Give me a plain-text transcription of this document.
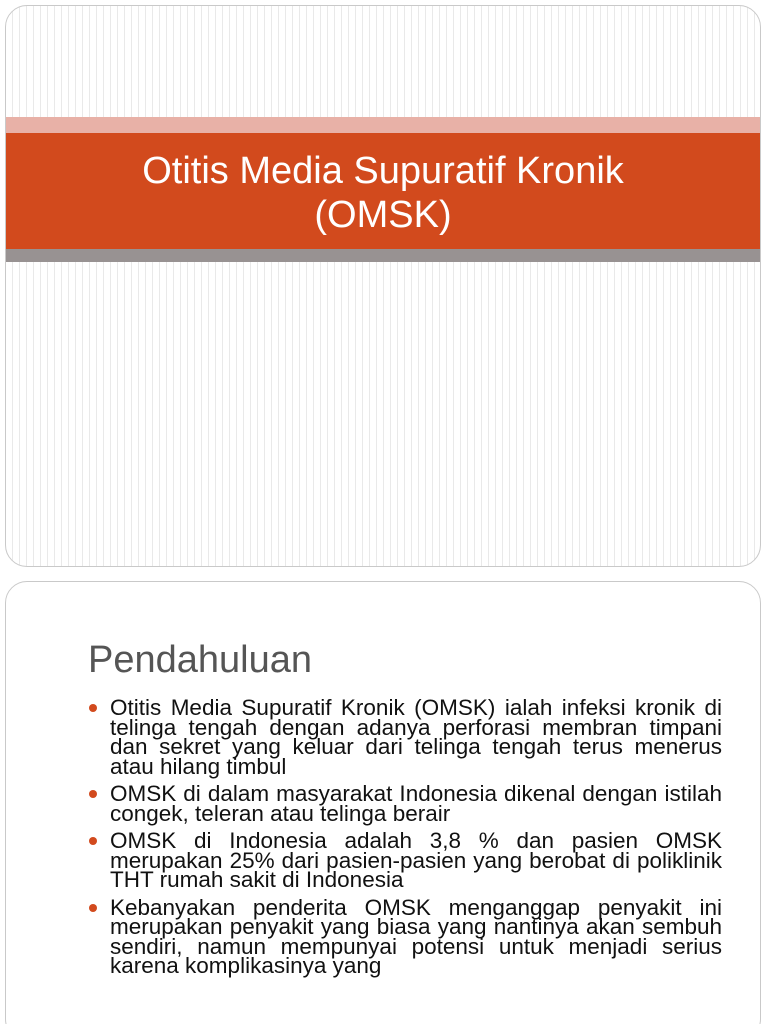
Otitis Media Supuratif Kronik
(OMSK)
Pendahuluan
Otitis Media Supuratif Kronik (OMSK) ialah infeksi kronik di telinga tengah dengan adanya perforasi membran timpani dan sekret yang keluar dari telinga tengah terus menerus atau hilang timbul
OMSK di dalam masyarakat Indonesia dikenal dengan istilah congek, teleran atau telinga berair
OMSK di Indonesia adalah 3,8 % dan pasien OMSK merupakan 25% dari pasien-pasien yang berobat di poliklinik THT rumah sakit di Indonesia
Kebanyakan penderita OMSK menganggap penyakit ini merupakan penyakit yang biasa yang nantinya akan sembuh sendiri, namun mempunyai potensi untuk menjadi serius karena komplikasinya yang
